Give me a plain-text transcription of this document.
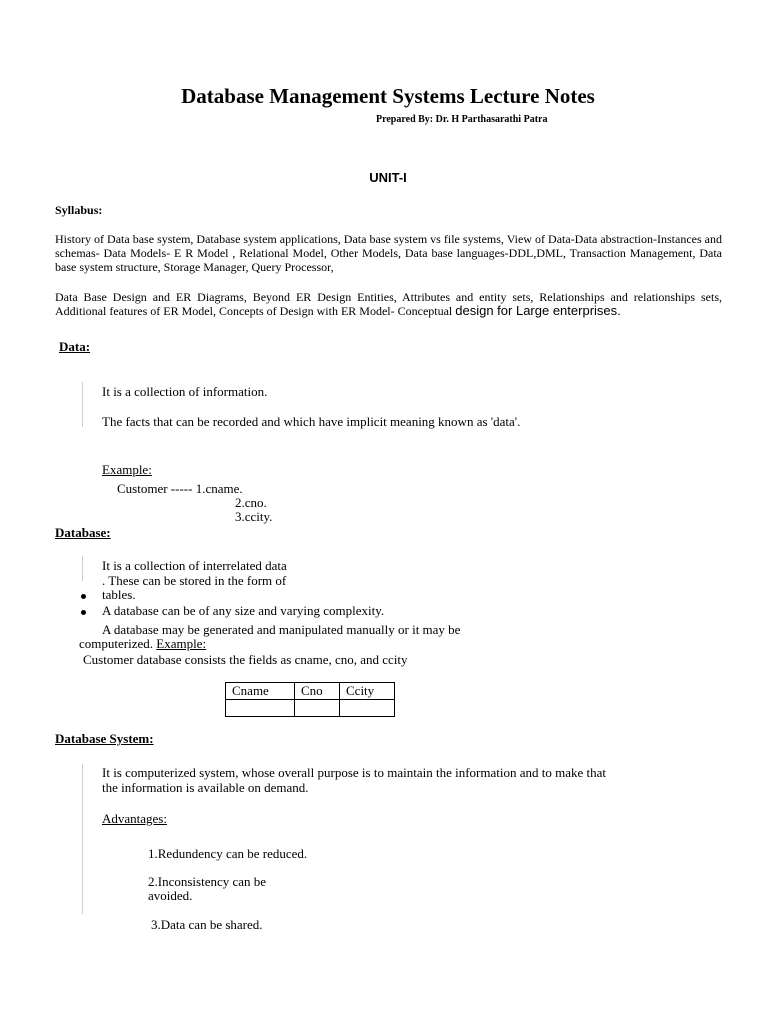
Database Management Systems Lecture Notes
Prepared By: Dr. H Parthasarathi Patra
UNIT-I
Syllabus:

History of Data base system, Database system applications, Data base system vs file systems, View of Data-Data abstraction-Instances and schemas- Data Models- E R Model , Relational Model, Other Models, Data base languages-DDL,DML, Transaction Management, Data base system structure, Storage Manager, Query Processor,

Data Base Design and ER Diagrams, Beyond ER Design Entities, Attributes and entity sets, Relationships and relationships sets, Additional features of ER Model, Concepts of Design with ER Model- Conceptual design for Large enterprises.

Data:
It is a collection of information.
The facts that can be recorded and which have implicit meaning known as 'data'.
Example:
Customer ----- 1.cname.
2.cno.
3.ccity.
Database:
It is a collection of interrelated data
. These can be stored in the form of
tables.
A database can be of any size and varying complexity.
A database may be generated and manipulated manually or it may be
computerized. Example:
Customer database consists the fields as cname, cno, and ccity
Cname	Cno	Ccity

Database System:
It is computerized system, whose overall purpose is to maintain the information and to make that
the information is available on demand.
Advantages:
1.Redundency can be reduced.
2.Inconsistency can be
avoided.
3.Data can be shared.
